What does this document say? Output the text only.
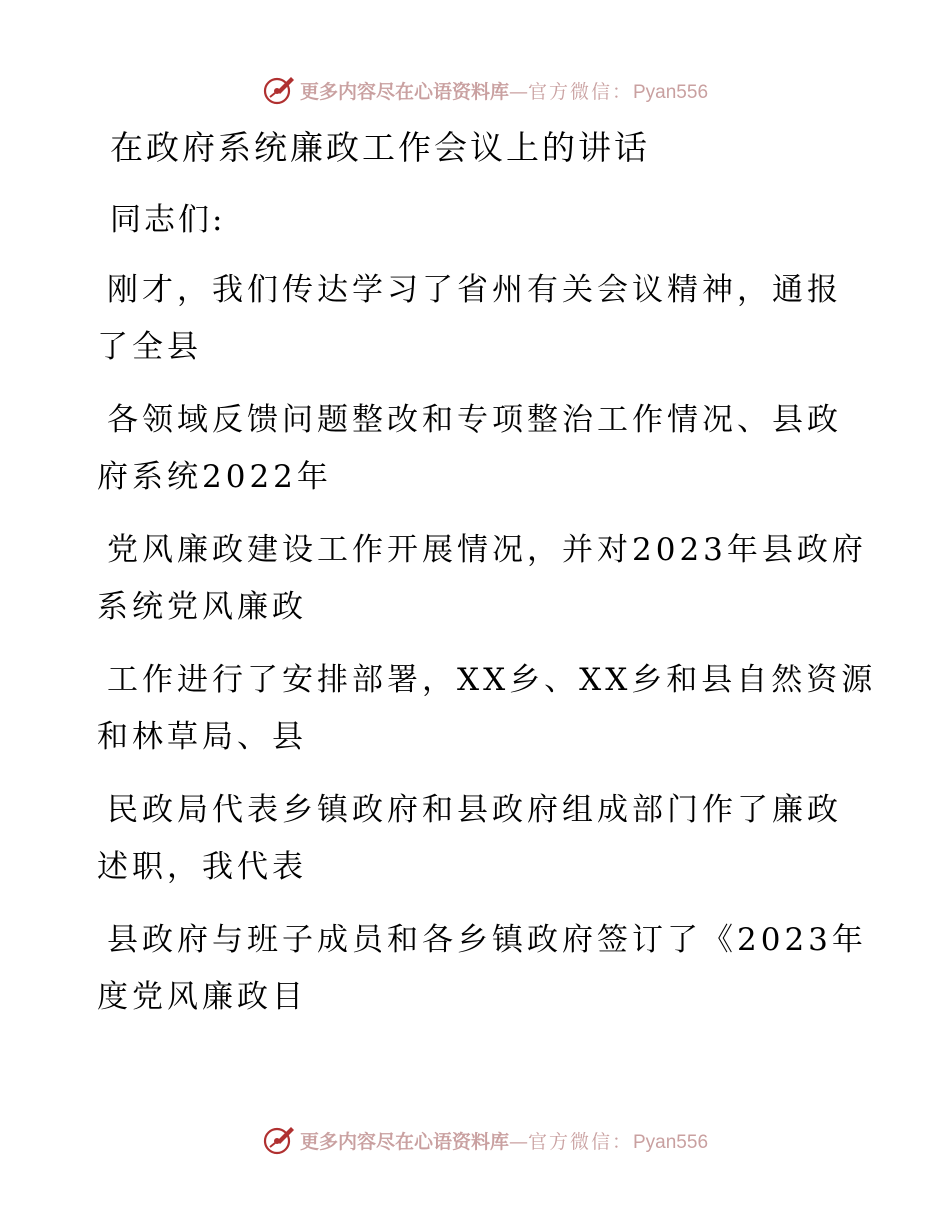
更多内容尽在心语资料库—官方微信：Pyan556
在政府系统廉政工作会议上的讲话
同志们:
刚才，我们传达学习了省州有关会议精神，通报
了全县
各领域反馈问题整改和专项整治工作情况、县政
府系统2022年
党风廉政建设工作开展情况，并对2023年县政府
系统党风廉政
工作进行了安排部署，XX乡、XX乡和县自然资源
和林草局、县
民政局代表乡镇政府和县政府组成部门作了廉政
述职，我代表
县政府与班子成员和各乡镇政府签订了《2023年
度党风廉政目
更多内容尽在心语资料库—官方微信：Pyan556
